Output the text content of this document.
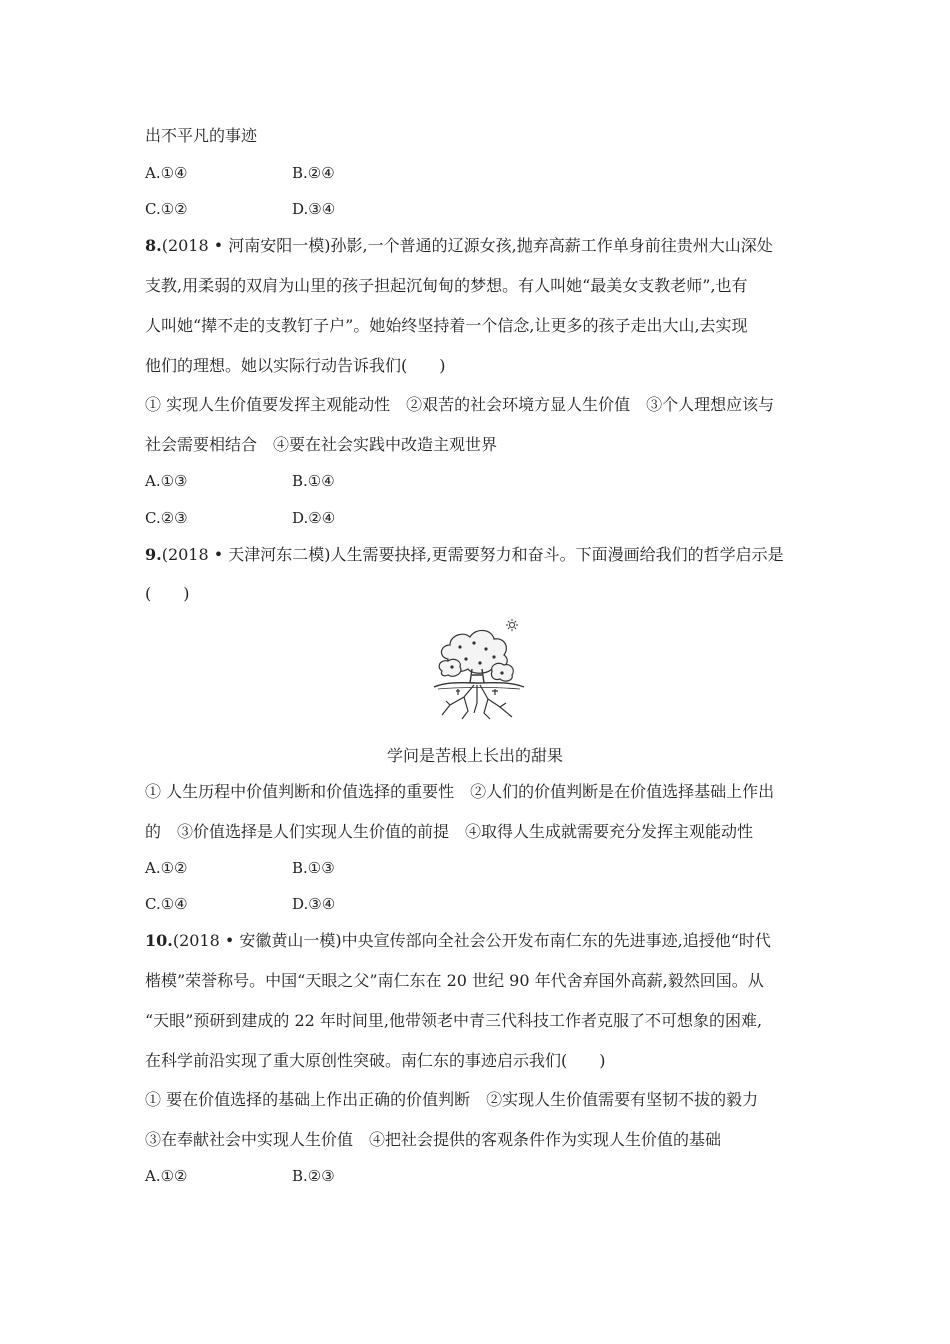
出不平凡的事迹
A.①④	B.②④
C.①②	D.③④
8.(2018 • 河南安阳一模)孙影,一个普通的辽源女孩,抛弃高薪工作单身前往贵州大山深处
支教,用柔弱的双肩为山里的孩子担起沉甸甸的梦想。有人叫她“最美女支教老师”,也有
人叫她“撵不走的支教钉子户”。她始终坚持着一个信念,让更多的孩子走出大山,去实现
他们的理想。她以实际行动告诉我们(　　)
① 实现人生价值要发挥主观能动性　②艰苦的社会环境方显人生价值　③个人理想应该与
社会需要相结合　④要在社会实践中改造主观世界
A.①③	B.①④
C.②③	D.②④
9.(2018 • 天津河东二模)人生需要抉择,更需要努力和奋斗。下面漫画给我们的哲学启示是
(　　)
学问是苦根上长出的甜果
① 人生历程中价值判断和价值选择的重要性　②人们的价值判断是在价值选择基础上作出
的　③价值选择是人们实现人生价值的前提　④取得人生成就需要充分发挥主观能动性
A.①②	B.①③
C.①④	D.③④
10.(2018 • 安徽黄山一模)中央宣传部向全社会公开发布南仁东的先进事迹,追授他“时代
楷模”荣誉称号。中国“天眼之父”南仁东在 20 世纪 90 年代舍弃国外高薪,毅然回国。从
“天眼”预研到建成的 22 年时间里,他带领老中青三代科技工作者克服了不可想象的困难,
在科学前沿实现了重大原创性突破。南仁东的事迹启示我们(　　)
① 要在价值选择的基础上作出正确的价值判断　②实现人生价值需要有坚韧不拔的毅力
③在奉献社会中实现人生价值　④把社会提供的客观条件作为实现人生价值的基础
A.①②	B.②③
